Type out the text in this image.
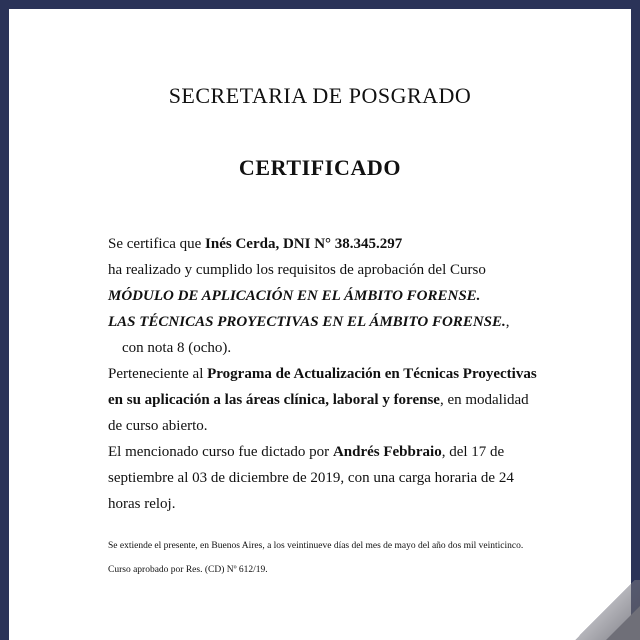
SECRETARIA DE POSGRADO
CERTIFICADO
Se certifica que Inés Cerda, DNI N° 38.345.297
ha realizado y cumplido los requisitos de aprobación del Curso
MÓDULO DE APLICACIÓN EN EL ÁMBITO FORENSE.
LAS TÉCNICAS PROYECTIVAS EN EL ÁMBITO FORENSE.,
con nota 8 (ocho).
Perteneciente al Programa de Actualización en Técnicas Proyectivas
en su aplicación a las áreas clínica, laboral y forense, en modalidad
de curso abierto.
El mencionado curso fue dictado por Andrés Febbraio, del 17 de
septiembre al 03 de diciembre de 2019, con una carga horaria de 24
horas reloj.

Se extiende el presente, en Buenos Aires, a los veintinueve días del mes de mayo del año dos mil veinticinco.

Curso aprobado por Res. (CD) Nº 612/19.
